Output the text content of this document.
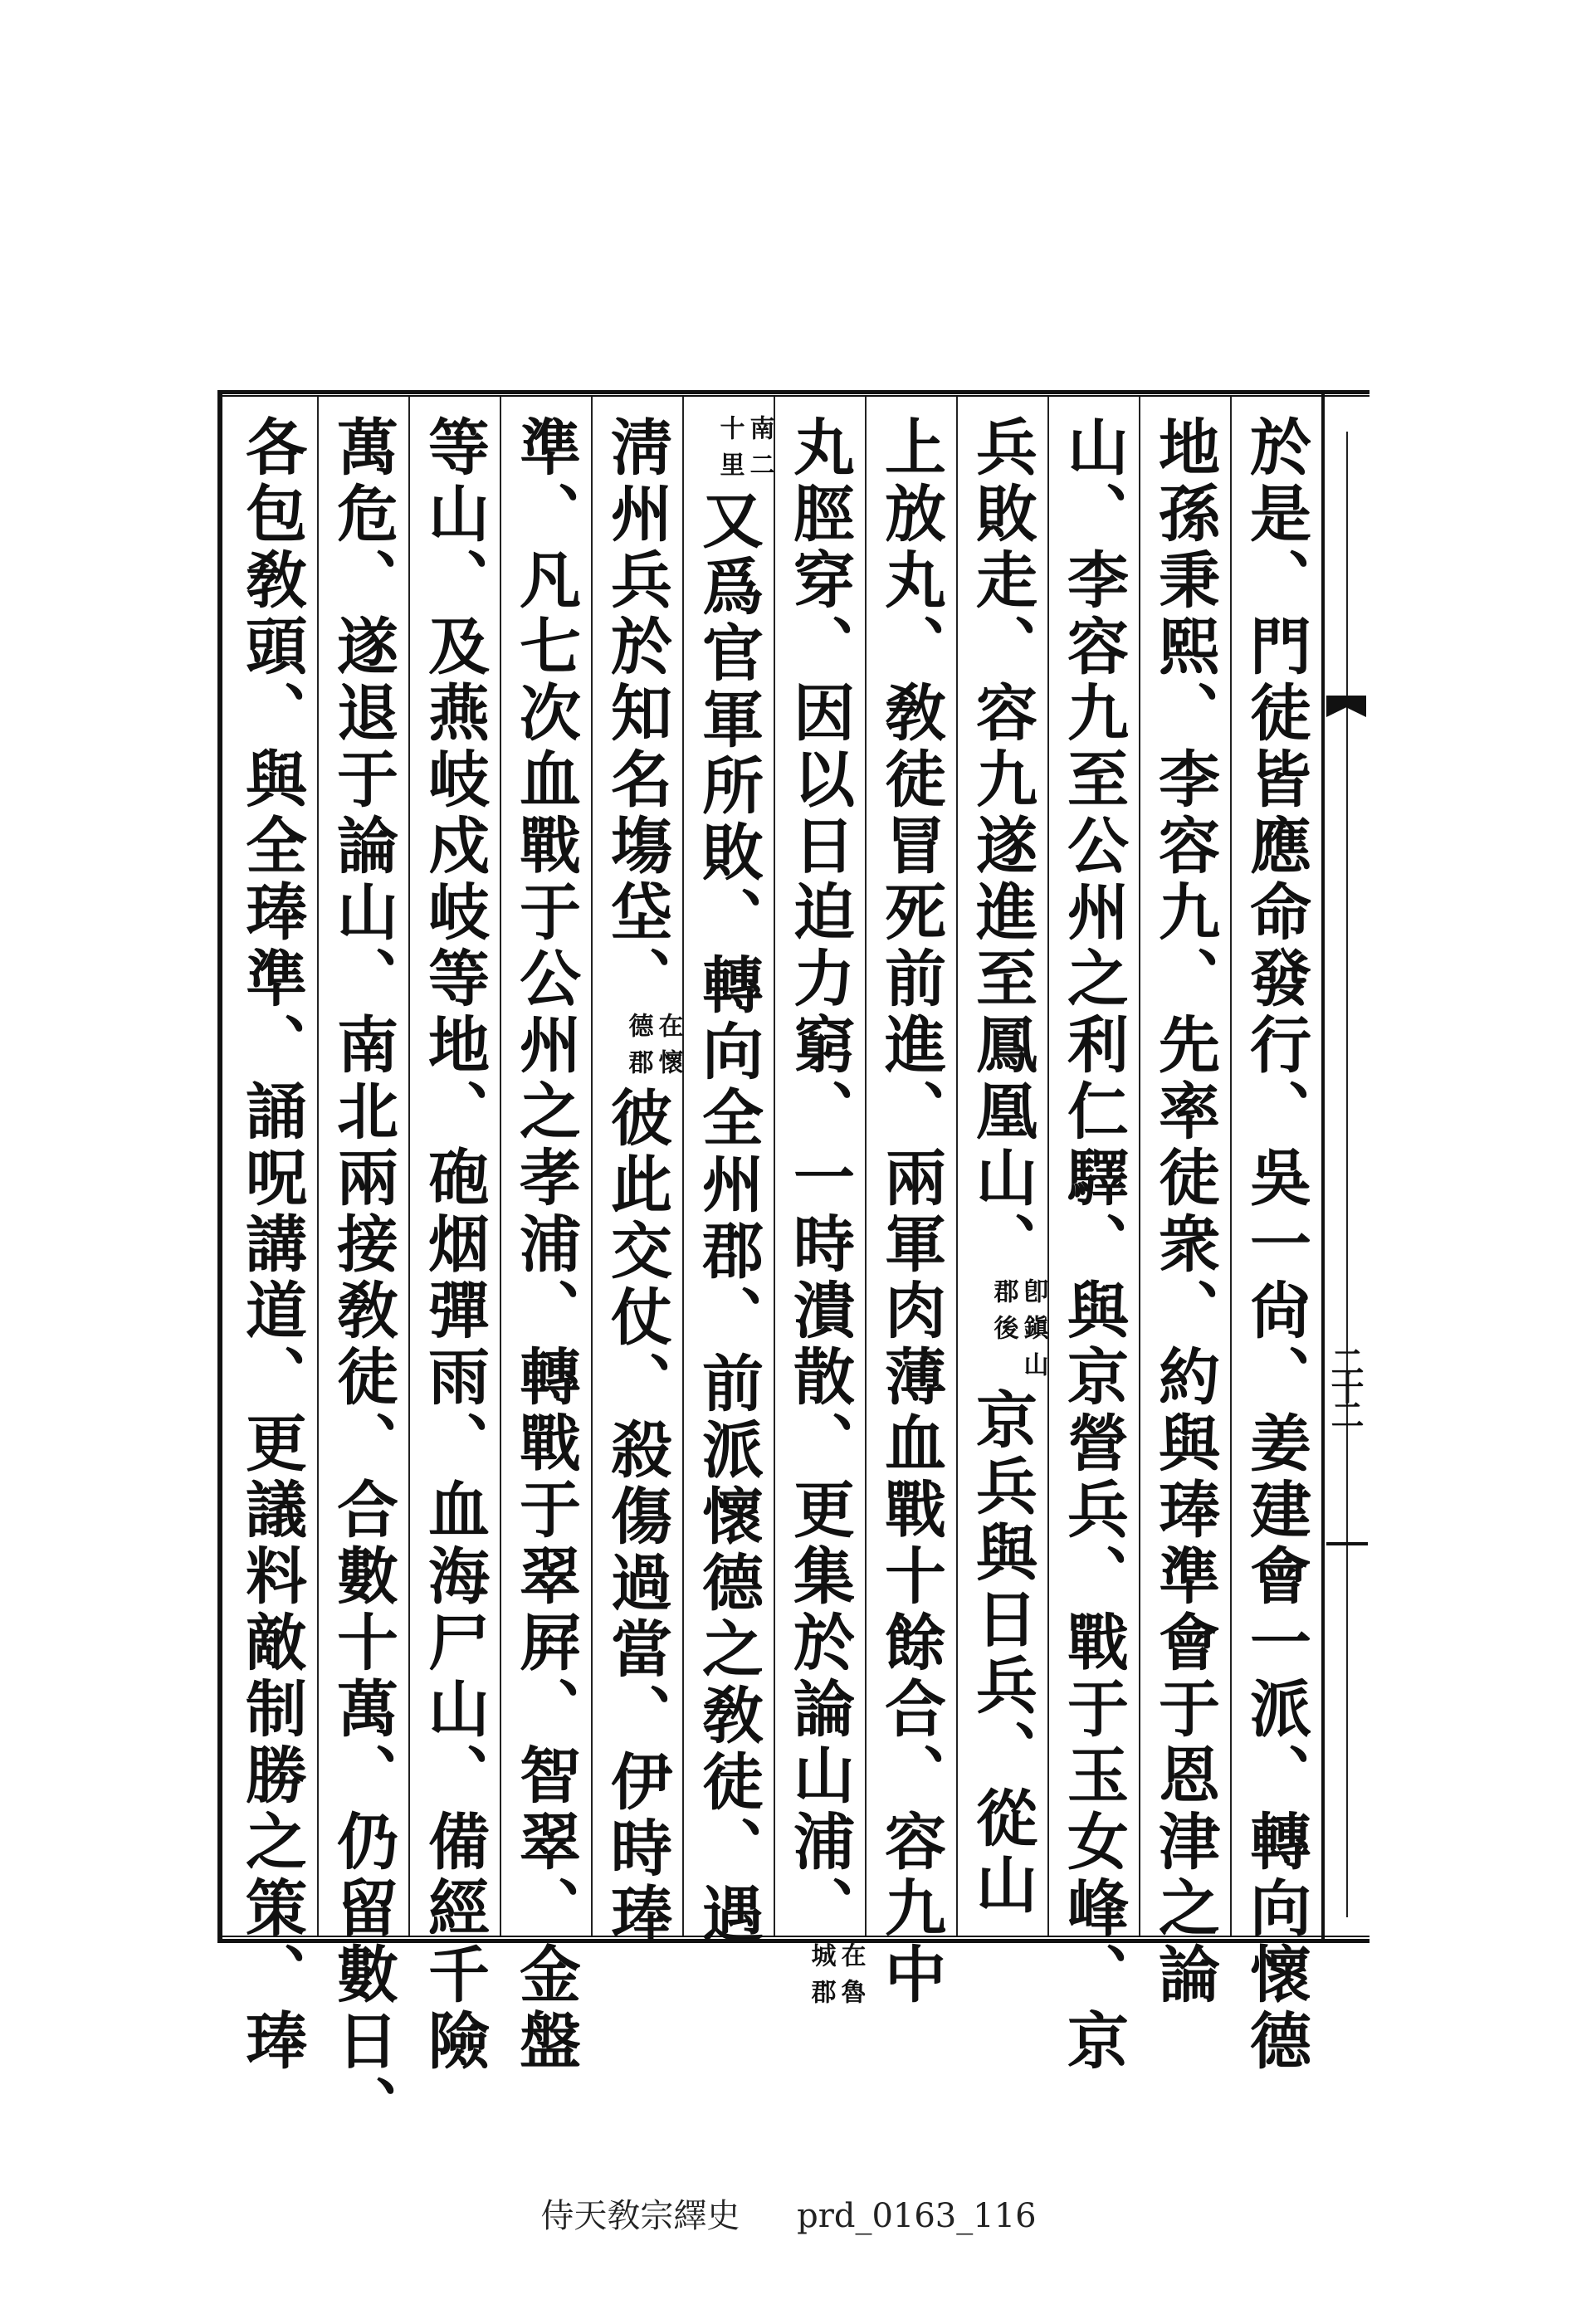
二十二
於是、門徒皆應命發行、吳一尙、姜建會一派、轉向懷德
地孫秉熙、李容九、先率徒衆、約與琫準會于恩津之論
山、李容九至公州之利仁驛、與京營兵、戰于玉女峰、京
兵敗走、容九遂進至鳳凰山、
卽鎭山
郡後
京兵與日兵、從山
上放丸、敎徒冒死前進、兩軍肉薄血戰十餘合、容九中
丸脛穿、因以日迫力窮、一時潰散、更集於論山浦、
在魯
城郡
南二
十里
又爲官軍所敗、轉向全州郡、前派懷德之敎徒、遇
淸州兵於知名塲垈、
在懷
德郡
彼此交仗、殺傷過當、伊時琫
準、凡七次血戰于公州之孝浦、轉戰于翠屛、智翠、金盤
等山、及燕岐戍岐等地、砲烟彈雨、血海尸山、備經千險
萬危、遂退于論山、南北兩接敎徒、合數十萬、仍留數日、
各包敎頭、與全琫準、誦呪講道、更議料敵制勝之策、琫
侍天敎宗繹史 prd_0163_116
